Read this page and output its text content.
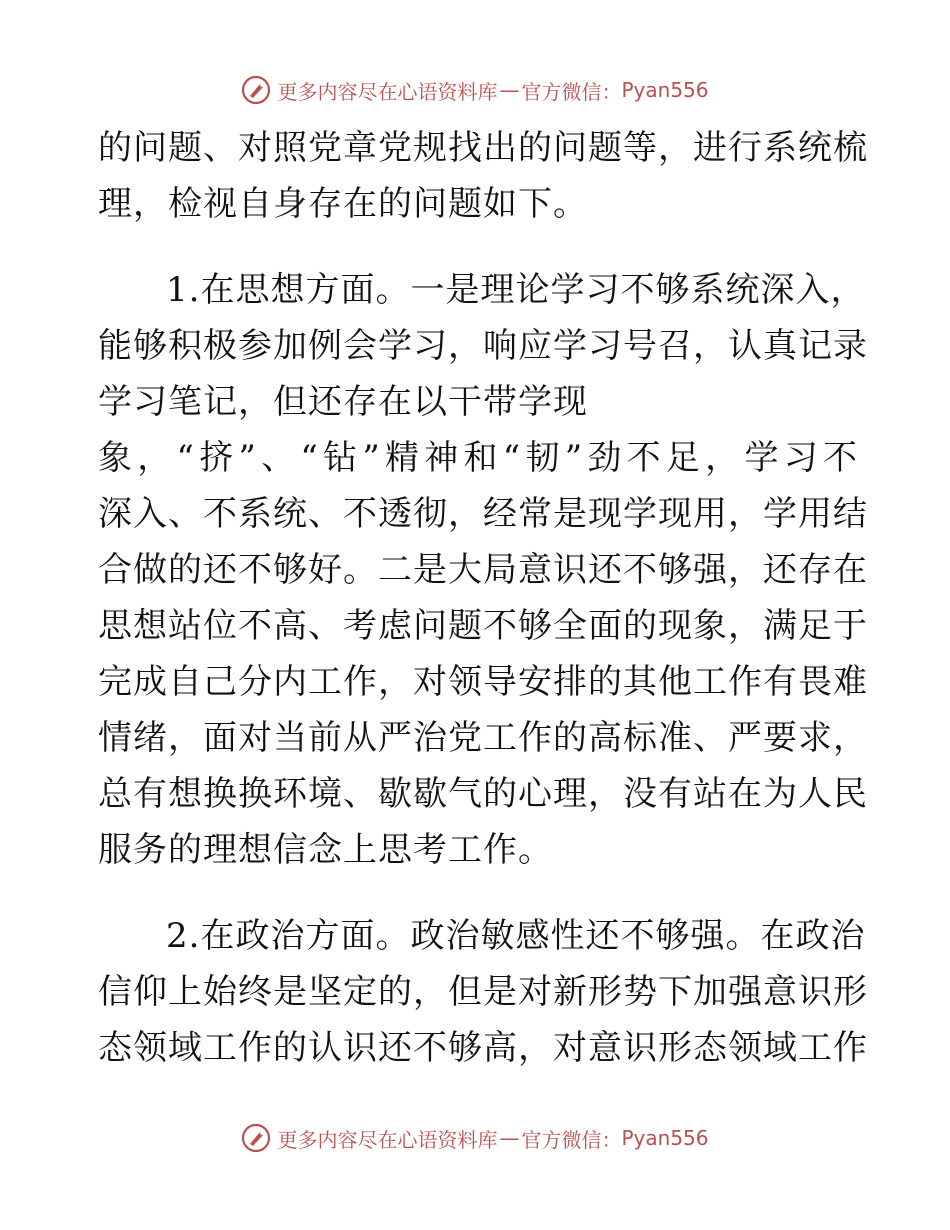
更多内容尽在心语资料库 — 官方微信： Pyan556
的问题、对照党章党规找出的问题等，进行系统梳
理，检视自身存在的问题如下。
1.在思想方面。一是理论学习不够系统深入，
能够积极参加例会学习，响应学习号召，认真记录
学习笔记，但还存在以干带学现
象，“挤”、“钻”精神和“韧”劲不足，学习不
深入、不系统、不透彻，经常是现学现用，学用结
合做的还不够好。二是大局意识还不够强，还存在
思想站位不高、考虑问题不够全面的现象，满足于
完成自己分内工作，对领导安排的其他工作有畏难
情绪，面对当前从严治党工作的高标准、严要求，
总有想换换环境、歇歇气的心理，没有站在为人民
服务的理想信念上思考工作。
2.在政治方面。政治敏感性还不够强。在政治
信仰上始终是坚定的，但是对新形势下加强意识形
态领域工作的认识还不够高，对意识形态领域工作
更多内容尽在心语资料库 — 官方微信： Pyan556
